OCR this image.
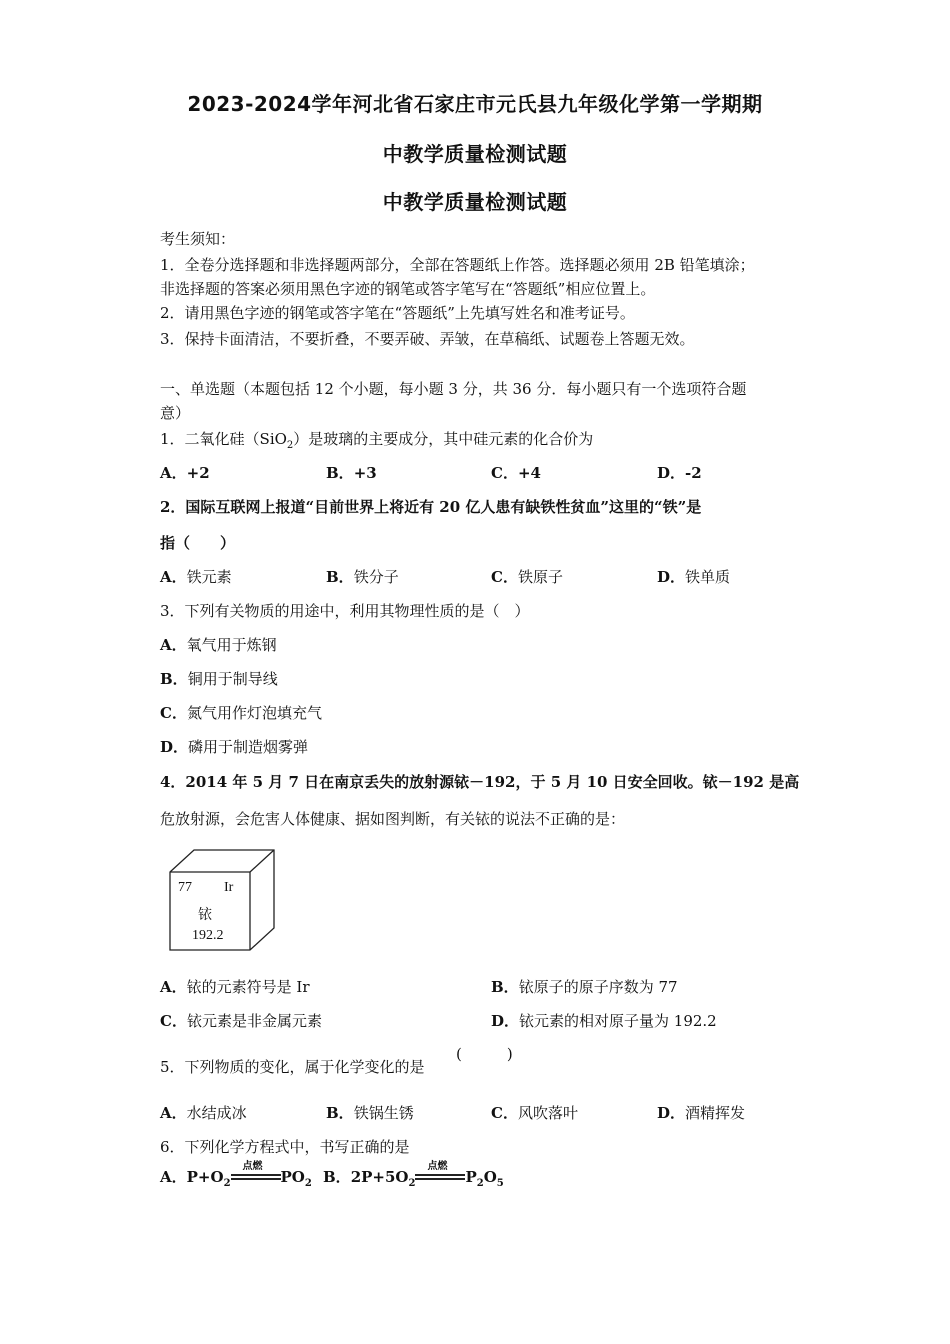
2023-2024学年河北省石家庄市元氏县九年级化学第一学期期
中教学质量检测试题
中教学质量检测试题
考生须知：
1．全卷分选择题和非选择题两部分，全部在答题纸上作答。选择题必须用 2B 铅笔填涂；
非选择题的答案必须用黑色字迹的钢笔或答字笔写在“答题纸”相应位置上。
2．请用黑色字迹的钢笔或答字笔在“答题纸”上先填写姓名和准考证号。
3．保持卡面清洁，不要折叠，不要弄破、弄皱，在草稿纸、试题卷上答题无效。
一、单选题（本题包括 12 个小题，每小题 3 分，共 36 分．每小题只有一个选项符合题
意）
1．二氧化硅（SiO$_2$）是玻璃的主要成分，其中硅元素的化合价为
A．+2	B．+3	C．+4	D．-2
2．国际互联网上报道“目前世界上将近有 20 亿人患有缺铁性贫血”这里的“铁”是
指（　　）
A．铁元素	B．铁分子	C．铁原子	D．铁单质
3．下列有关物质的用途中，利用其物理性质的是（　）
A．氧气用于炼钢
B．铜用于制导线
C．氮气用作灯泡填充气
D．磷用于制造烟雾弹
4．2014 年 5 月 7 日在南京丢失的放射源铱－192，于 5 月 10 日安全回收。铱－192 是高
危放射源，会危害人体健康、据如图判断，有关铱的说法不正确的是：
77 Ir
铱
192.2
A．铱的元素符号是 Ir	B．铱原子的原子序数为 77
C．铱元素是非金属元素	D．铱元素的相对原子量为 192.2
5．下列物质的变化，属于化学变化的是
(　　　)
A．水结成冰	B．铁锅生锈	C．风吹落叶	D．酒精挥发
6．下列化学方程式中，书写正确的是
A．$P+O_2$
点燃
$PO_2$ B．$2P+5O_2$
点燃
$P_2O_5$
